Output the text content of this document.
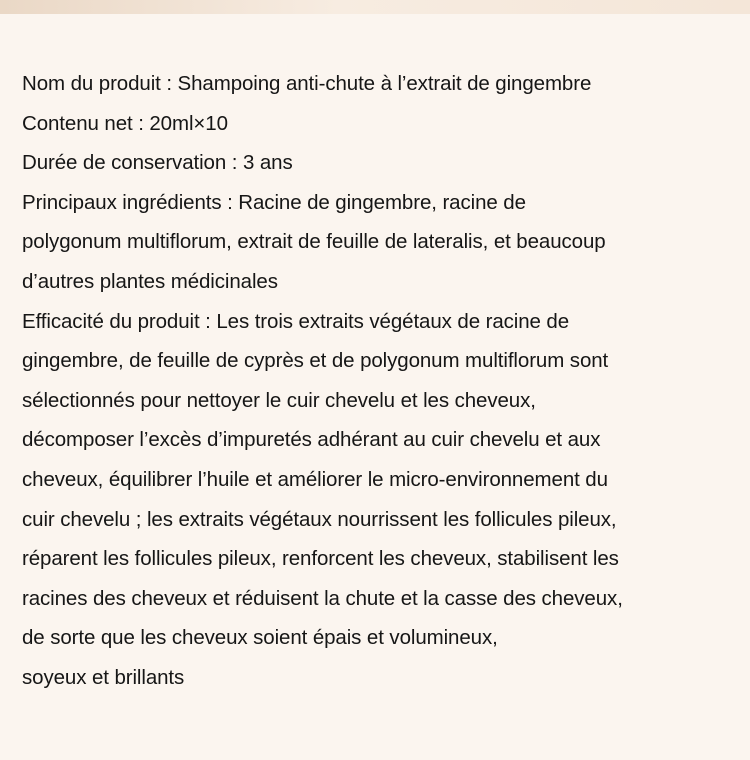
Nom du produit : Shampoing anti-chute à l’extrait de gingembre
Contenu net : 20ml×10
Durée de conservation : 3 ans
Principaux ingrédients : Racine de gingembre, racine de
polygonum multiflorum, extrait de feuille de lateralis, et beaucoup
d’autres plantes médicinales
Efficacité du produit : Les trois extraits végétaux de racine de
gingembre, de feuille de cyprès et de polygonum multiflorum sont
sélectionnés pour nettoyer le cuir chevelu et les cheveux,
décomposer l’excès d’impuretés adhérant au cuir chevelu et aux
cheveux, équilibrer l’huile et améliorer le micro-environnement du
cuir chevelu ; les extraits végétaux nourrissent les follicules pileux,
réparent les follicules pileux, renforcent les cheveux, stabilisent les
racines des cheveux et réduisent la chute et la casse des cheveux,
de sorte que les cheveux soient épais et volumineux,
soyeux et brillants
